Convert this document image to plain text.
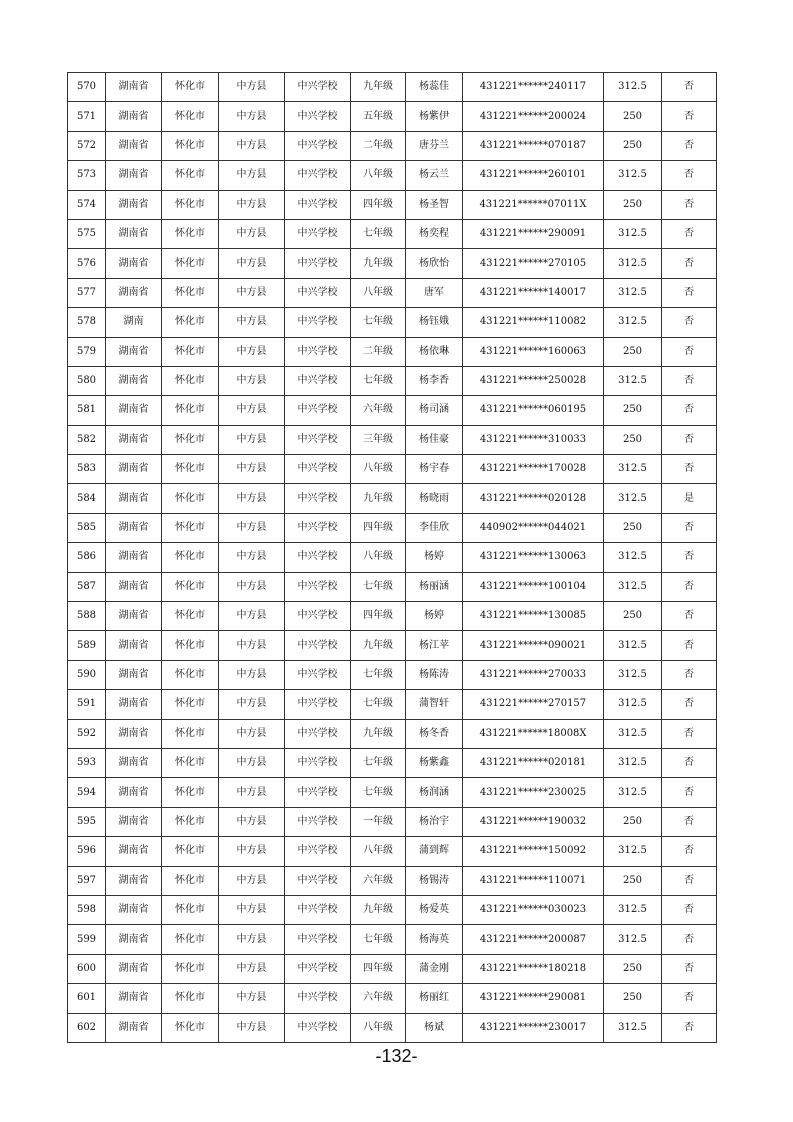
570	湖南省	怀化市	中方县	中兴学校	九年级	杨蕊佳	431221******240117	312.5	否
571	湖南省	怀化市	中方县	中兴学校	五年级	杨紫伊	431221******200024	250	否
572	湖南省	怀化市	中方县	中兴学校	二年级	唐芬兰	431221******070187	250	否
573	湖南省	怀化市	中方县	中兴学校	八年级	杨云兰	431221******260101	312.5	否
574	湖南省	怀化市	中方县	中兴学校	四年级	杨圣智	431221******07011X	250	否
575	湖南省	怀化市	中方县	中兴学校	七年级	杨奕程	431221******290091	312.5	否
576	湖南省	怀化市	中方县	中兴学校	九年级	杨欣怡	431221******270105	312.5	否
577	湖南省	怀化市	中方县	中兴学校	八年级	唐军	431221******140017	312.5	否
578	湖南	怀化市	中方县	中兴学校	七年级	杨钰娥	431221******110082	312.5	否
579	湖南省	怀化市	中方县	中兴学校	二年级	杨依琳	431221******160063	250	否
580	湖南省	怀化市	中方县	中兴学校	七年级	杨李香	431221******250028	312.5	否
581	湖南省	怀化市	中方县	中兴学校	六年级	杨司涵	431221******060195	250	否
582	湖南省	怀化市	中方县	中兴学校	三年级	杨佳豪	431221******310033	250	否
583	湖南省	怀化市	中方县	中兴学校	八年级	杨宇春	431221******170028	312.5	否
584	湖南省	怀化市	中方县	中兴学校	九年级	杨晓雨	431221******020128	312.5	是
585	湖南省	怀化市	中方县	中兴学校	四年级	李佳欣	440902******044021	250	否
586	湖南省	怀化市	中方县	中兴学校	八年级	杨婷	431221******130063	312.5	否
587	湖南省	怀化市	中方县	中兴学校	七年级	杨丽涵	431221******100104	312.5	否
588	湖南省	怀化市	中方县	中兴学校	四年级	杨婷	431221******130085	250	否
589	湖南省	怀化市	中方县	中兴学校	九年级	杨江苹	431221******090021	312.5	否
590	湖南省	怀化市	中方县	中兴学校	七年级	杨陈涛	431221******270033	312.5	否
591	湖南省	怀化市	中方县	中兴学校	七年级	蒲智轩	431221******270157	312.5	否
592	湖南省	怀化市	中方县	中兴学校	九年级	杨冬香	431221******18008X	312.5	否
593	湖南省	怀化市	中方县	中兴学校	七年级	杨紫鑫	431221******020181	312.5	否
594	湖南省	怀化市	中方县	中兴学校	七年级	杨润涵	431221******230025	312.5	否
595	湖南省	怀化市	中方县	中兴学校	一年级	杨治宇	431221******190032	250	否
596	湖南省	怀化市	中方县	中兴学校	八年级	蒲到辉	431221******150092	312.5	否
597	湖南省	怀化市	中方县	中兴学校	六年级	杨锡涛	431221******110071	250	否
598	湖南省	怀化市	中方县	中兴学校	九年级	杨爱英	431221******030023	312.5	否
599	湖南省	怀化市	中方县	中兴学校	七年级	杨海英	431221******200087	312.5	否
600	湖南省	怀化市	中方县	中兴学校	四年级	蒲金刚	431221******180218	250	否
601	湖南省	怀化市	中方县	中兴学校	六年级	杨丽红	431221******290081	250	否
602	湖南省	怀化市	中方县	中兴学校	八年级	杨斌	431221******230017	312.5	否
-132-
